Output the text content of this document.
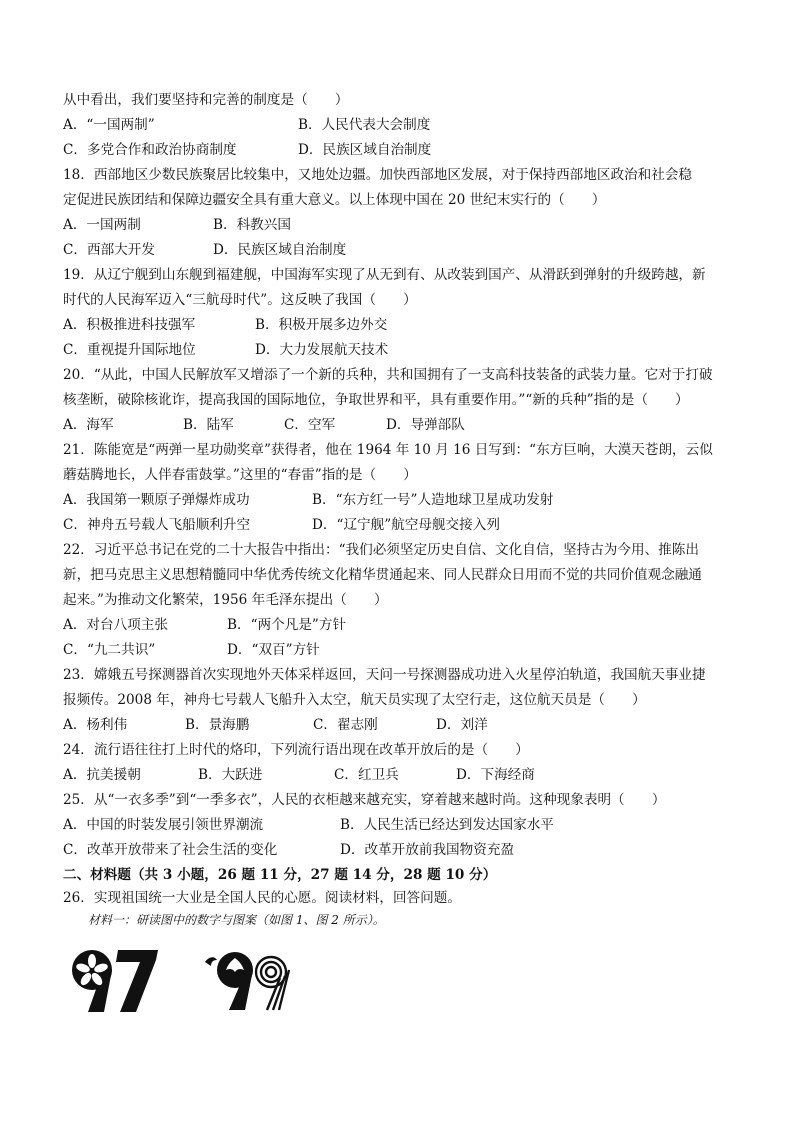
从中看出，我们要坚持和完善的制度是（　　）
A．“一国两制”	B．人民代表大会制度
C．多党合作和政治协商制度	D．民族区域自治制度
18．西部地区少数民族聚居比较集中，又地处边疆。加快西部地区发展，对于保持西部地区政治和社会稳
定促进民族团结和保障边疆安全具有重大意义。以上体现中国在 20 世纪末实行的（　　）
A．一国两制	B．科教兴国
C．西部大开发	D．民族区域自治制度
19．从辽宁舰到山东舰到福建舰，中国海军实现了从无到有、从改装到国产、从滑跃到弹射的升级跨越，新
时代的人民海军迈入“三航母时代”。这反映了我国（　　）
A．积极推进科技强军	B．积极开展多边外交
C．重视提升国际地位	D．大力发展航天技术
20．“从此，中国人民解放军又增添了一个新的兵种，共和国拥有了一支高科技装备的武装力量。它对于打破
核垄断，破除核讹诈，提高我国的国际地位，争取世界和平，具有重要作用。”“新的兵种”指的是（　　）
A．海军	B．陆军	C．空军	D．导弹部队
21．陈能宽是“两弹一星功勋奖章”获得者，他在 1964 年 10 月 16 日写到：“东方巨响，大漠天苍朗，云似
蘑菇腾地长，人伴春雷鼓掌。”这里的“春雷”指的是（　　）
A．我国第一颗原子弹爆炸成功	B．“东方红一号”人造地球卫星成功发射
C．神舟五号载人飞船顺利升空	D．“辽宁舰”航空母舰交接入列
22．习近平总书记在党的二十大报告中指出：“我们必须坚定历史自信、文化自信，坚持古为今用、推陈出
新，把马克思主义思想精髓同中华优秀传统文化精华贯通起来、同人民群众日用而不觉的共同价值观念融通
起来。”为推动文化繁荣，1956 年毛泽东提出（　　）
A．对台八项主张	B．“两个凡是”方针
C．“九二共识”	D．“双百”方针
23．嫦娥五号探测器首次实现地外天体采样返回，天问一号探测器成功进入火星停泊轨道，我国航天事业捷
报频传。2008 年，神舟七号载人飞船升入太空，航天员实现了太空行走，这位航天员是（　　）
A．杨利伟	B．景海鹏	C．翟志刚	D．刘洋
24．流行语往往打上时代的烙印，下列流行语出现在改革开放后的是（　　）
A．抗美援朝	B．大跃进	C．红卫兵	D．下海经商
25．从“一衣多季”到“一季多衣”，人民的衣柜越来越充实，穿着越来越时尚。这种现象表明（　　）
A．中国的时装发展引领世界潮流	B．人民生活已经达到发达国家水平
C．改革开放带来了社会生活的变化	D．改革开放前我国物资充盈
二、材料题（共 3 小题，26 题 11 分，27 题 14 分，28 题 10 分）
26．实现祖国统一大业是全国人民的心愿。阅读材料，回答问题。
材料一：研读图中的数字与图案（如图 1、图 2 所示）。
